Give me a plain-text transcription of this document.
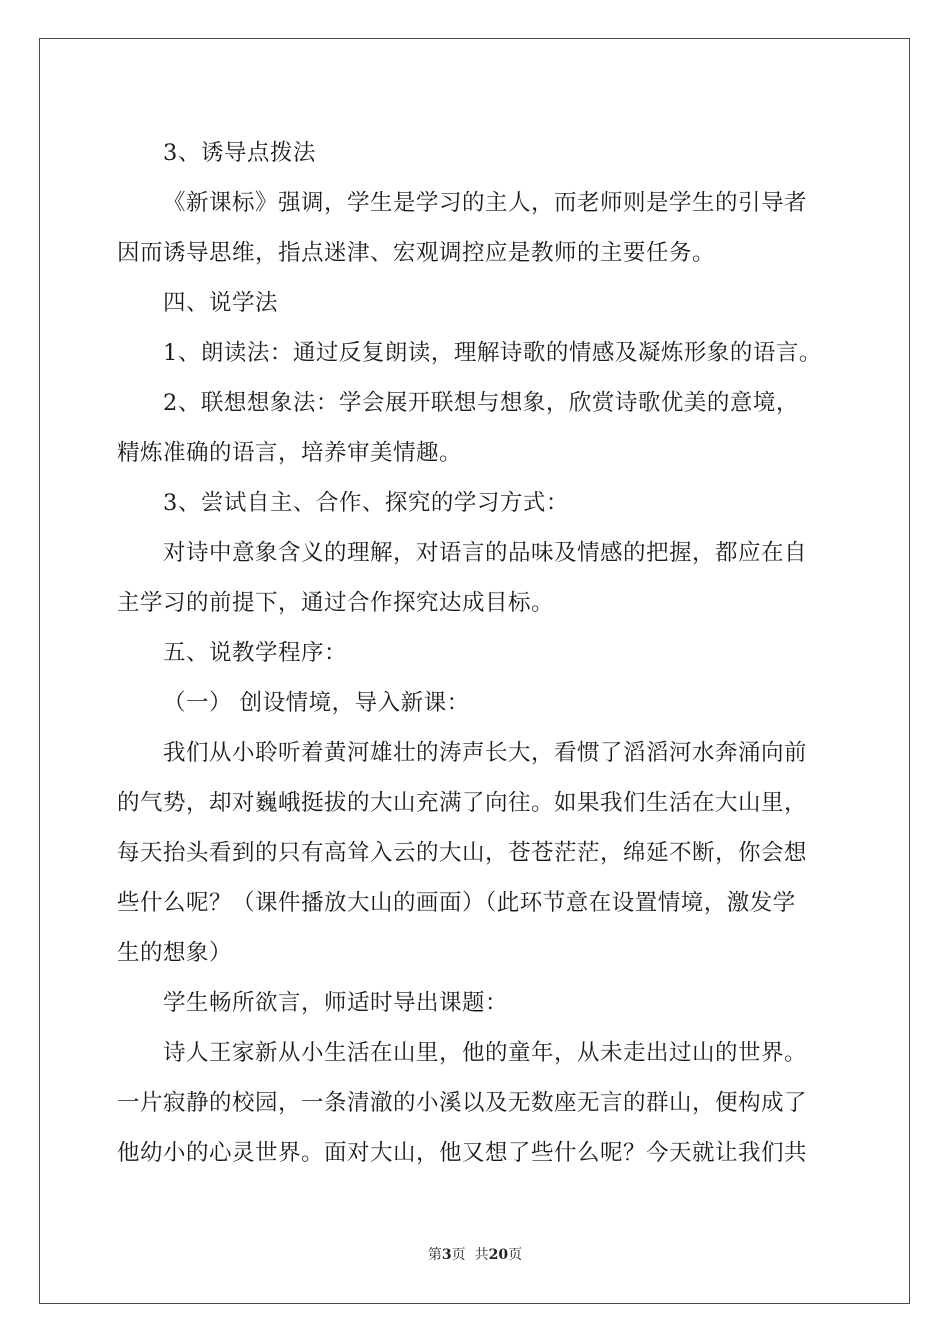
3、诱导点拨法
《新课标》强调，学生是学习的主人，而老师则是学生的引导者
因而诱导思维，指点迷津、宏观调控应是教师的主要任务。
四、说学法
1、朗读法：通过反复朗读，理解诗歌的情感及凝炼形象的语言。
2、联想想象法：学会展开联想与想象，欣赏诗歌优美的意境，
精炼准确的语言，培养审美情趣。
3、尝试自主、合作、探究的学习方式：
对诗中意象含义的理解，对语言的品味及情感的把握，都应在自
主学习的前提下，通过合作探究达成目标。
五、说教学程序：
（一） 创设情境，导入新课：
我们从小聆听着黄河雄壮的涛声长大，看惯了滔滔河水奔涌向前
的气势，却对巍峨挺拔的大山充满了向往。如果我们生活在大山里，
每天抬头看到的只有高耸入云的大山，苍苍茫茫，绵延不断，你会想
些什么呢？（课件播放大山的画面）（此环节意在设置情境，激发学
生的想象）
学生畅所欲言，师适时导出课题：
诗人王家新从小生活在山里，他的童年，从未走出过山的世界。
一片寂静的校园，一条清澈的小溪以及无数座无言的群山，便构成了
他幼小的心灵世界。面对大山，他又想了些什么呢？今天就让我们共
第3页  共20页
